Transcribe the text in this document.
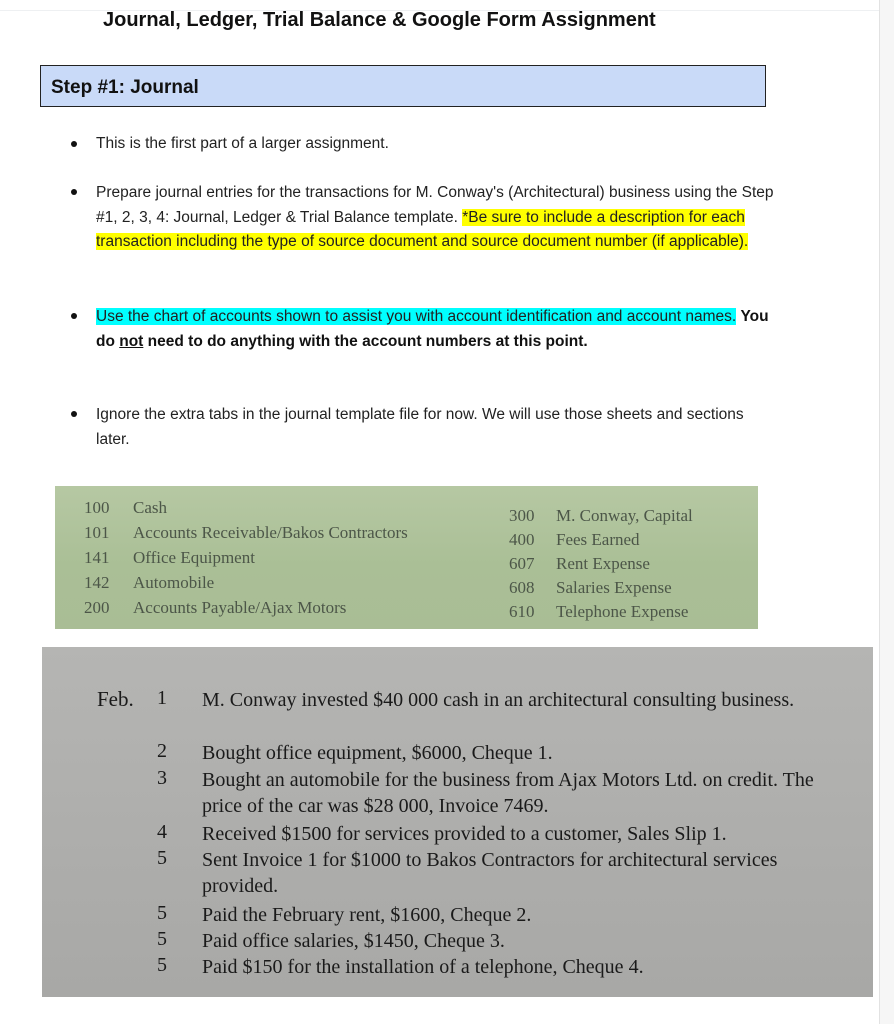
Journal, Ledger, Trial Balance & Google Form Assignment
Step #1: Journal
This is the first part of a larger assignment.
Prepare journal entries for the transactions for M. Conway's (Architectural) business using the Step #1, 2, 3, 4: Journal, Ledger & Trial Balance template. *Be sure to include a description for each transaction including the type of source document and source document number (if applicable).
Use the chart of accounts shown to assist you with account identification and account names. You do not need to do anything with the account numbers at this point.
Ignore the extra tabs in the journal template file for now. We will use those sheets and sections later.
100 Cash
101 Accounts Receivable/Bakos Contractors
141 Office Equipment
142 Automobile
200 Accounts Payable/Ajax Motors
300 M. Conway, Capital
400 Fees Earned
607 Rent Expense
608 Salaries Expense
610 Telephone Expense
Feb.	1 M. Conway invested $40 000 cash in an architectural consulting business.
2 Bought office equipment, $6000, Cheque 1.
3 Bought an automobile for the business from Ajax Motors Ltd. on credit. The price of the car was $28 000, Invoice 7469.
4 Received $1500 for services provided to a customer, Sales Slip 1.
5 Sent Invoice 1 for $1000 to Bakos Contractors for architectural services provided.
5 Paid the February rent, $1600, Cheque 2.
5 Paid office salaries, $1450, Cheque 3.
5 Paid $150 for the installation of a telephone, Cheque 4.
